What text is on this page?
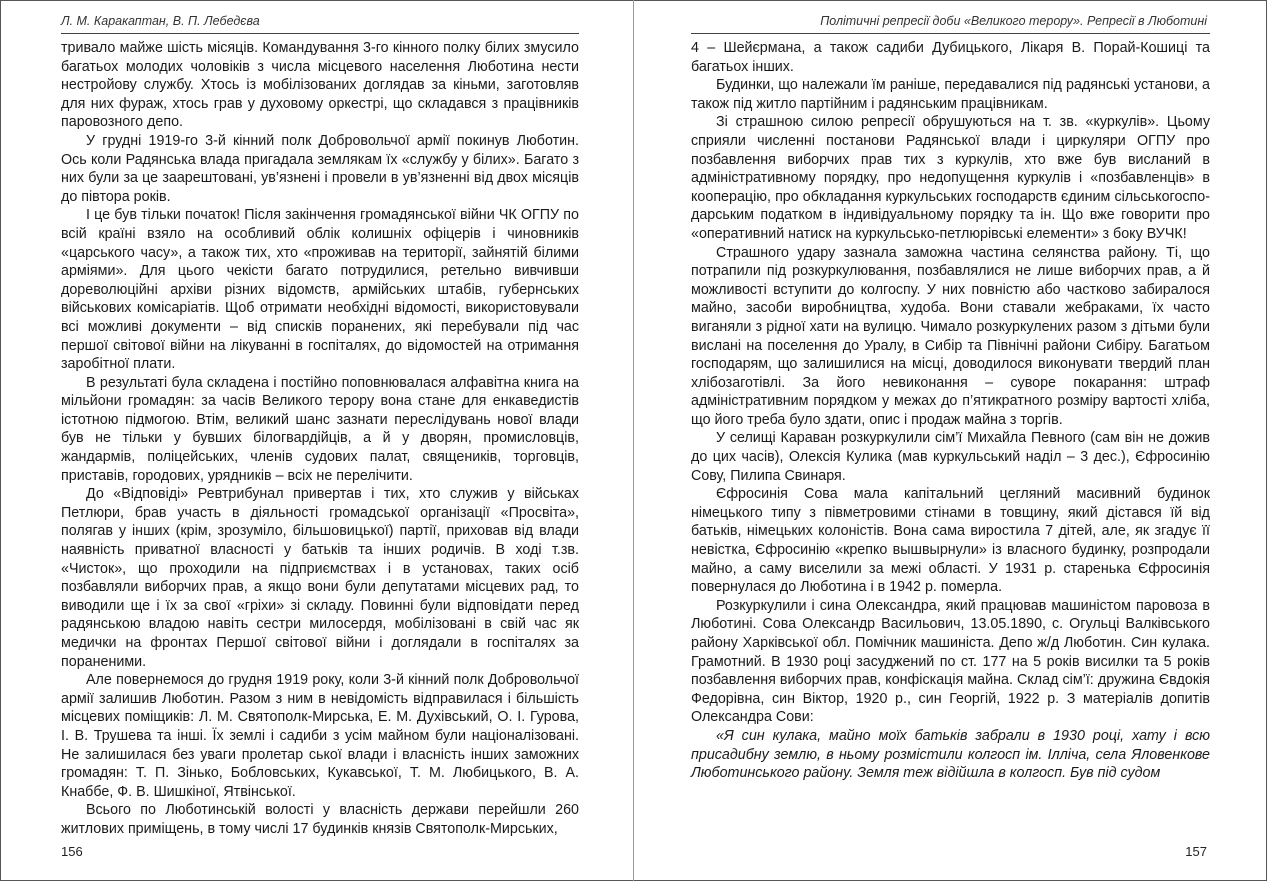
Л. М. Каракаптан, В. П. Лебедєва

тривало майже шість місяців. Командування 3-го кінного полку білих змусило багатьох молодих чоловіків з числа місцевого населення Люботина нести нестройову службу. Хтось із мобілізованих доглядав за кіньми, заготовляв для них фураж, хтось грав у духовому оркестрі, що складався з працівників паровозного депо.

У грудні 1919-го 3-й кінний полк Добровольчої армії покинув Люботин. Ось коли Радянська влада пригадала землякам їх «службу у білих». Багато з них були за це заарештовані, ув’язнені і провели в ув’язненні від двох місяців до півтора років.

І це був тільки початок! Після закінчення громадянської війни ЧК ОГПУ по всій країні взяло на особливий облік колишніх офіцерів і чиновників «царського часу», а також тих, хто «проживав на території, зайнятій білими арміями». Для цього чекісти багато потрудилися, ретельно вивчивши дореволюційні архіви різних відомств, армійських штабів, губернських військових комісаріатів. Щоб отримати необхідні відомості, використовували всі можливі документи – від списків поранених, які перебували під час першої світової війни на лікуванні в госпіталях, до відомостей на отримання заробітної плати.

В результаті була складена і постійно поповнювалася алфавітна книга на мільйони громадян: за часів Великого терору вона стане для енкаведистів істотною підмогою. Втім, великий шанс зазнати переслідувань нової влади був не тільки у бувших білогвардійців, а й у дворян, промисловців, жандармів, поліцейських, членів судових палат, священиків, торговців, приставів, городових, урядників – всіх не перелічити.

До «Відповіді» Ревтрибунал привертав і тих, хто служив у військах Петлюри, брав участь в діяльності громадської організації «Просвіта», полягав у інших (крім, зрозуміло, більшовицької) партії, приховав від влади наявність приватної власності у батьків та інших родичів. В ході т.зв. «Чисток», що проходили на підприємствах і в установах, таких осіб позбавляли виборчих прав, а якщо вони були депутатами місцевих рад, то виводили ще і їх за свої «гріхи» зі складу. Повинні були відповідати перед радянською владою навіть сестри милосердя, мобілізовані в свій час як медички на фронтах Першої світової війни і доглядали в госпіталях за пораненими.

Але повернемося до грудня 1919 року, коли 3-й кінний полк Добровольчої армії залишив Люботин. Разом з ним в невідомість відправилася і більшість місцевих поміщиків: Л. М. Святополк-Мирська, Е. М. Духівський, О. І. Гурова, І. В. Трушева та інші. Їх землі і садиби з усім майном були націоналізовані. Не залишилася без уваги пролетар ської влади і власність інших заможних громадян: Т. П. Зінько, Бобловських, Кукавської, Т. М. Любицького, В. А. Кнаббе, Ф. В. Шишкіної, Ятвінської.

Всього по Люботинській волості у власність держави перейшли 260 житлових приміщень, в тому числі 17 будинків князів Святополк-Мирських,

156
Політичні репресії доби «Великого терору». Репресії в Люботині

4 – Шейєрмана, а також садиби Дубицького, Лікаря В. Порай-Кошиці та багатьох інших.

Будинки, що належали їм раніше, передавалися під радянські установи, а також під житло партійним і радянським працівникам.

Зі страшною силою репресії обрушуються на т. зв. «куркулів». Цьому сприяли численні постанови Радянської влади і циркуляри ОГПУ про позбавлення виборчих прав тих з куркулів, хто вже був висланий в адміністративному порядку, про недопущення куркулів і «позбавленців» в кооперацію, про обкладання куркульських господарств єдиним сільськогосподарським податком в індивідуальному порядку та ін. Що вже говорити про «оперативний натиск на куркульсько-петлюрівські елементи» з боку ВУЧК!

Страшного удару зазнала заможна частина селянства району. Ті, що потрапили під розкуркулювання, позбавлялися не лише виборчих прав, а й можливості вступити до колгоспу. У них повністю або частково забиралося майно, засоби виробництва, худоба. Вони ставали жебраками, їх часто виганяли з рідної хати на вулицю. Чимало розкуркулених разом з дітьми були вислані на поселення до Уралу, в Сибір та Північні райони Сибіру. Багатьом господарям, що залишилися на місці, доводилося виконувати твердий план хлібозаготівлі. За його невиконання – суворе покарання: штраф адміністративним порядком у межах до п’ятикратного розміру вартості хліба, що його треба було здати, опис і продаж майна з торгів.

У селищі Караван розкуркулили сім’ї Михайла Певного (сам він не дожив до цих часів), Олексія Кулика (мав куркульський наділ – 3 дес.), Єфросинію Сову, Пилипа Свинаря.

Єфросинія Сова мала капітальний цегляний масивний будинок німецького типу з півметровими стінами в товщину, який дістався їй від батьків, німецьких колоністів. Вона сама виростила 7 дітей, але, як згадує її невістка, Єфросинію «крепко вышвырнули» із власного будинку, розпродали майно, а саму виселили за межі області. У 1931 р. старенька Єфросинія повернулася до Люботина і в 1942 р. померла.

Розкуркулили і сина Олександра, який працював машиністом паровоза в Люботині. Сова Олександр Васильович, 13.05.1890, с. Огульці Валківського району Харківської обл. Помічник машиніста. Депо ж/д Люботин. Син кулака. Грамотний. В 1930 році засуджений по ст. 177 на 5 років висилки та 5 років позбавлення виборчих прав, конфіскація майна. Склад сім’ї: дружина Євдокія Федорівна, син Віктор, 1920 р., син Георгій, 1922 р. З матеріалів допитів Олександра Сови:

«Я син кулака, майно моїх батьків забрали в 1930 році, хату і всю присадибну землю, в ньому розмістили колгосп ім. Ілліча, села Яловенкове Люботинського району. Земля теж відійшла в колгосп. Був під судом

157
